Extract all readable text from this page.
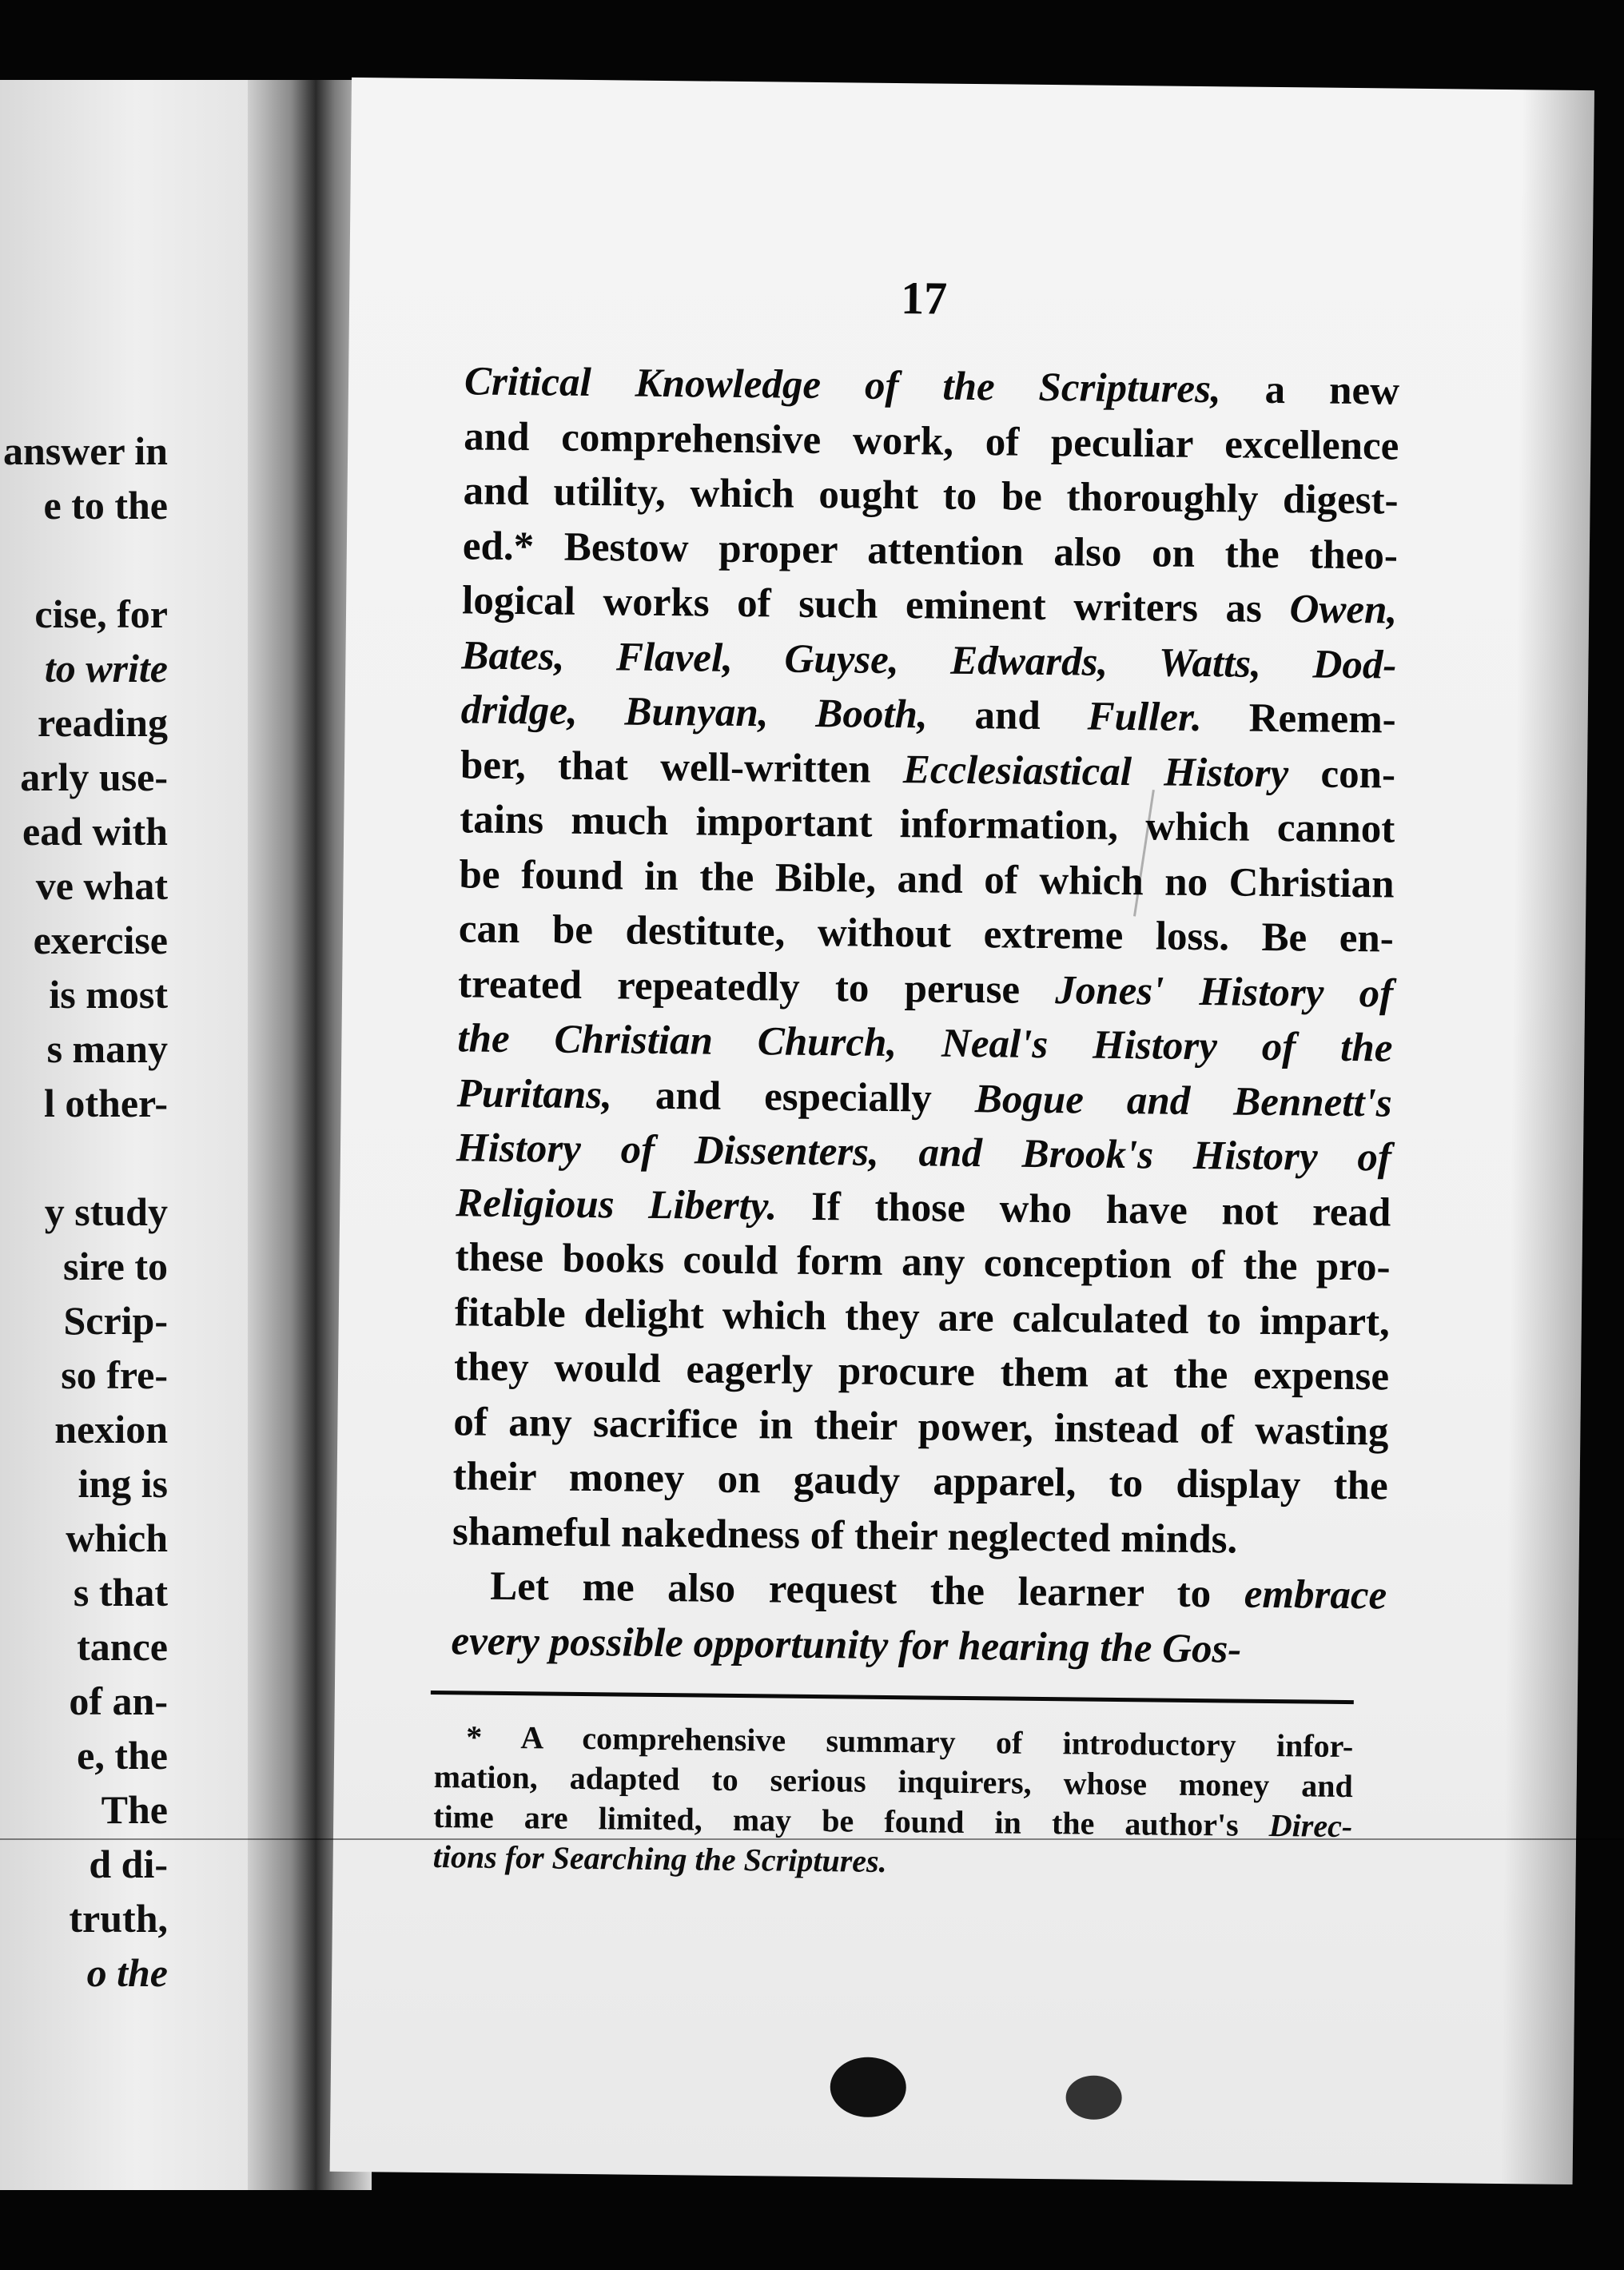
answer in
e to the
cise, for
to write
reading
arly use-
ead with
ve what
exercise
is most
s many
l other-
y study
sire to
Scrip-
so fre-
nexion
ing is
which
s that
tance
of an-
e, the
The
d di-
truth,
o the
17
Critical Knowledge of the Scriptures, a new
and comprehensive work, of peculiar excellence
and utility, which ought to be thoroughly digest-
ed.* Bestow proper attention also on the theo-
logical works of such eminent writers as Owen,
Bates, Flavel, Guyse, Edwards, Watts, Dod-
dridge, Bunyan, Booth, and Fuller. Remem-
ber, that well-written Ecclesiastical History con-
tains much important information, which cannot
be found in the Bible, and of which no Christian
can be destitute, without extreme loss. Be en-
treated repeatedly to peruse Jones' History of
the Christian Church, Neal's History of the
Puritans, and especially Bogue and Bennett's
History of Dissenters, and Brook's History of
Religious Liberty. If those who have not read
these books could form any conception of the pro-
fitable delight which they are calculated to impart,
they would eagerly procure them at the expense
of any sacrifice in their power, instead of wasting
their money on gaudy apparel, to display the
shameful nakedness of their neglected minds.
Let me also request the learner to embrace
every possible opportunity for hearing the Gos-
* A comprehensive summary of introductory infor-
mation, adapted to serious inquirers, whose money and
time are limited, may be found in the author's Direc-
tions for Searching the Scriptures.
